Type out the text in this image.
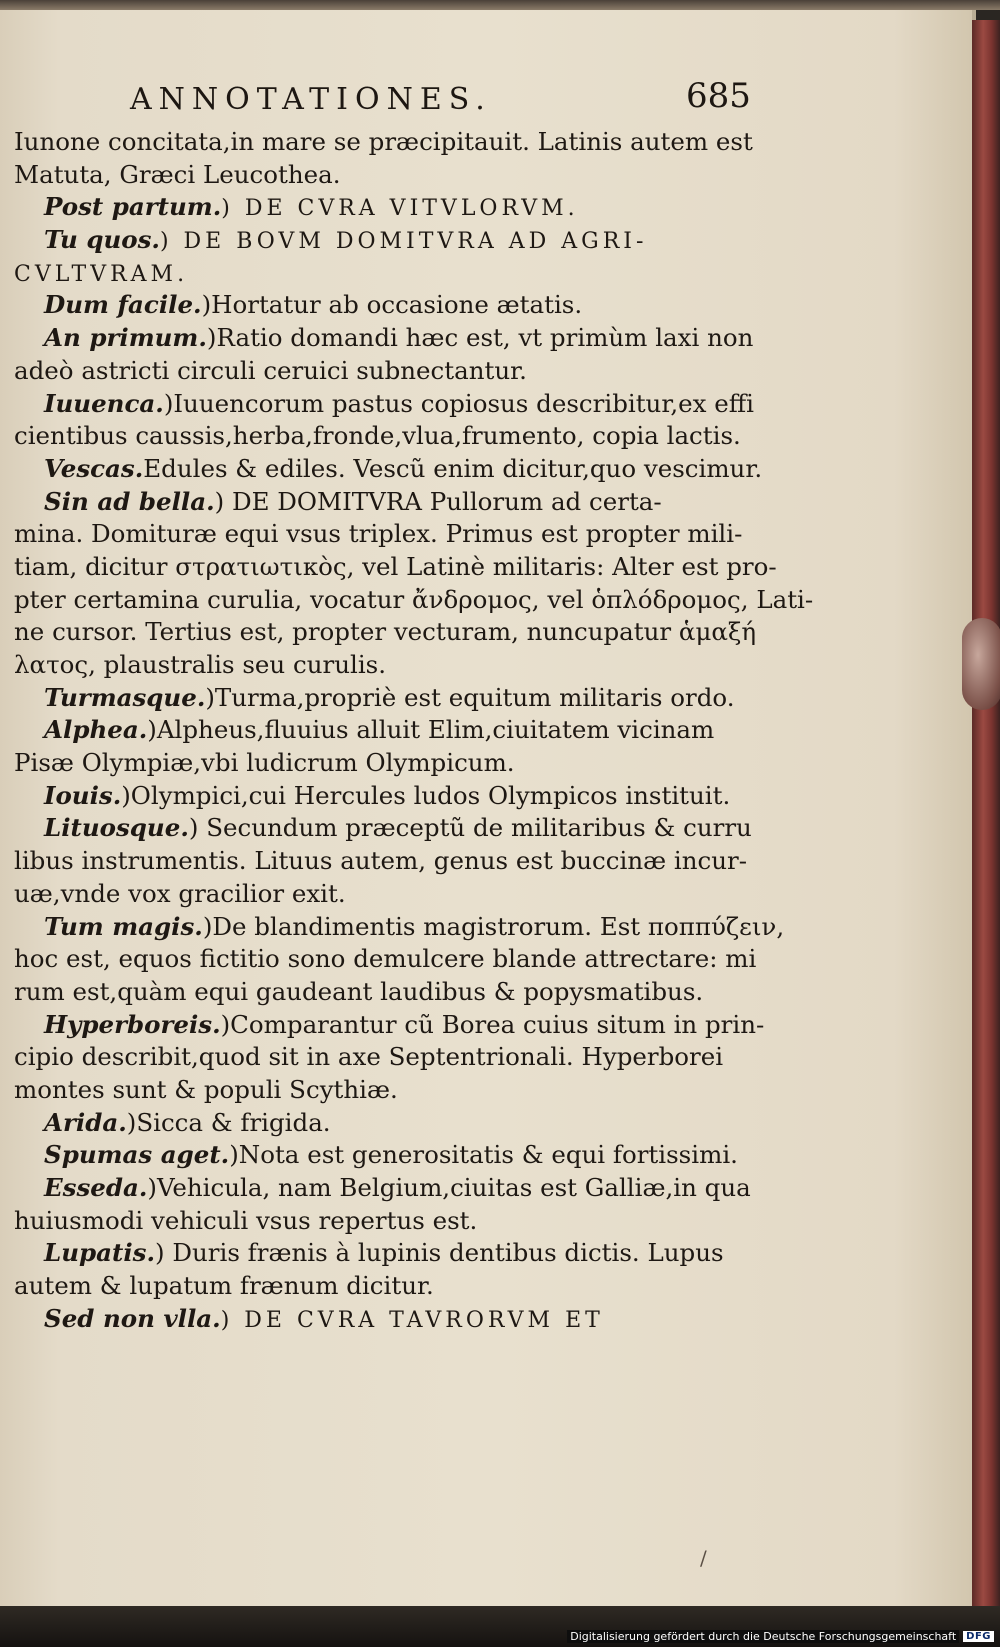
ANNOTATIONES.	685
Iunone concitata,in mare se præcipitauit. Latinis autem est
Matuta, Græci Leucothea.
Post partum.) DE CVRA VITVLORVM.
Tu quos.) DE BOVM DOMITVRA AD AGRI-
CVLTVRAM.
Dum facile.)Hortatur ab occasione ætatis.
An primum.)Ratio domandi hæc est, vt primùm laxi non
adeò astricti circuli ceruici subnectantur.
Iuuenca.)Iuuencorum pastus copiosus describitur,ex effi
cientibus caussis,herba,fronde,vlua,frumento, copia lactis.
Vescas.Edules & ediles. Vescũ enim dicitur,quo vescimur.
Sin ad bella.) DE DOMITVRA Pullorum ad certa-
mina. Domituræ equi vsus triplex. Primus est propter mili-
tiam, dicitur στρατιωτικὸς, vel Latinè militaris: Alter est pro-
pter certamina curulia, vocatur ἄνδρομος, vel ὁπλόδρομος, Lati-
ne cursor. Tertius est, propter vecturam, nuncupatur ἁμαξή
λατος, plaustralis seu curulis.
Turmasque.)Turma,propriè est equitum militaris ordo.
Alphea.)Alpheus,fluuius alluit Elim,ciuitatem vicinam
Pisæ Olympiæ,vbi ludicrum Olympicum.
Iouis.)Olympici,cui Hercules ludos Olympicos instituit.
Lituosque.) Secundum præceptũ de militaribus & curru
libus instrumentis. Lituus autem, genus est buccinæ incur-
uæ,vnde vox gracilior exit.
Tum magis.)De blandimentis magistrorum. Est ποππύζειν,
hoc est, equos fictitio sono demulcere blande attrectare: mi
rum est,quàm equi gaudeant laudibus & popysmatibus.
Hyperboreis.)Comparantur cũ Borea cuius situm in prin-
cipio describit,quod sit in axe Septentrionali. Hyperborei
montes sunt & populi Scythiæ.
Arida.)Sicca & frigida.
Spumas aget.)Nota est generositatis & equi fortissimi.
Esseda.)Vehicula, nam Belgium,ciuitas est Galliæ,in qua
huiusmodi vehiculi vsus repertus est.
Lupatis.) Duris frænis à lupinis dentibus dictis. Lupus
autem & lupatum frænum dicitur.
Sed non vlla.) DE CVRA TAVRORVM ET
/
Digitalisierung gefördert durch die Deutsche Forschungsgemeinschaft	DFG
